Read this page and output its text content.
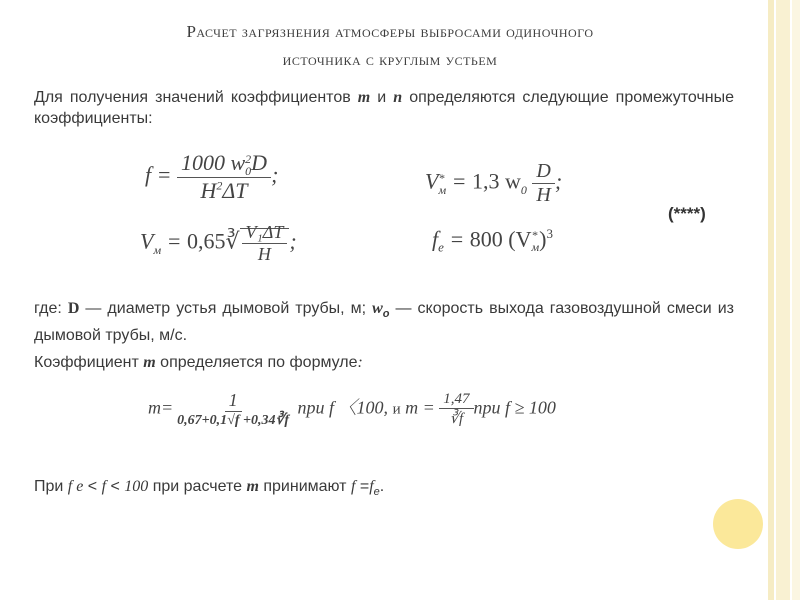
Расчет загрязнения атмосферы выбросами одиночного
источника с круглым устьем
Для получения значений коэффициентов m и n определяются следующие промежуточные коэффициенты:
f = 1000 w 2
0 D
$H^2\Delta T$ ;
$V_м$ = 0,65∛ $\frac{\text{V₁ΔT}}{H}$ ;
V *
м = 1,3 $w_0 \frac{D}{H}$ ;
$f_e = 800$ (V *
м )$^3$
(****)
где: D — диаметр устья дымовой трубы, м; $w_o$ — скорость выхода газовоздушной смеси из дымовой трубы, м/с.
Коэффициент m определяется по формуле:
$m= \frac{1}{0,67+0,1√f +0,34∛f}$ при f 〈100, и $m = \frac{1,47}{∛f}$ при f ≥ 100
При f e < f < 100 при расчете m принимают $f =f_e$.
